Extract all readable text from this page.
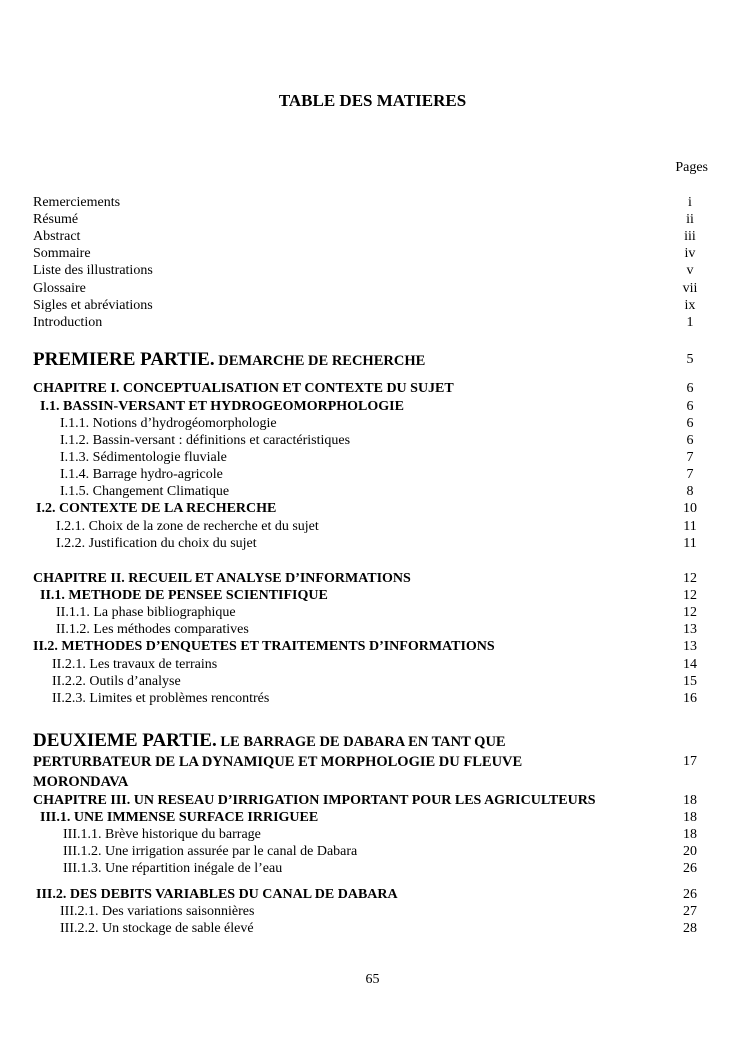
TABLE DES MATIERES
Pages
Remerciements	i
Résumé	ii
Abstract	iii
Sommaire	iv
Liste des illustrations	v
Glossaire	vii
Sigles et abréviations	ix
Introduction	1
PREMIERE PARTIE. DEMARCHE DE RECHERCHE	5
CHAPITRE I. CONCEPTUALISATION ET CONTEXTE DU SUJET	6
I.1. BASSIN-VERSANT ET HYDROGEOMORPHOLOGIE	6
I.1.1. Notions d’hydrogéomorphologie	6
I.1.2. Bassin-versant : définitions et caractéristiques	6
I.1.3. Sédimentologie fluviale	7
I.1.4. Barrage hydro-agricole	7
I.1.5. Changement Climatique	8
I.2. CONTEXTE DE LA RECHERCHE	10
I.2.1. Choix de la zone de recherche et du sujet	11
I.2.2. Justification du choix du sujet	11
CHAPITRE II. RECUEIL ET ANALYSE D’INFORMATIONS	12
II.1. METHODE DE PENSEE SCIENTIFIQUE	12
II.1.1. La phase bibliographique	12
II.1.2. Les méthodes comparatives	13
II.2. METHODES D’ENQUETES ET TRAITEMENTS D’INFORMATIONS	13
II.2.1. Les travaux de terrains	14
II.2.2. Outils d’analyse	15
II.2.3. Limites et problèmes rencontrés	16
DEUXIEME PARTIE. LE BARRAGE DE DABARA EN TANT QUE
PERTURBATEUR DE LA DYNAMIQUE ET MORPHOLOGIE DU FLEUVE	17
MORONDAVA
CHAPITRE III. UN RESEAU D’IRRIGATION IMPORTANT POUR LES AGRICULTEURS	18
III.1. UNE IMMENSE SURFACE IRRIGUEE	18
III.1.1. Brève historique du barrage	18
III.1.2. Une irrigation assurée par le canal de Dabara	20
III.1.3. Une répartition inégale de l’eau	26
III.2. DES DEBITS VARIABLES DU CANAL DE DABARA	26
III.2.1. Des variations saisonnières	27
III.2.2. Un stockage de sable élevé	28
65
